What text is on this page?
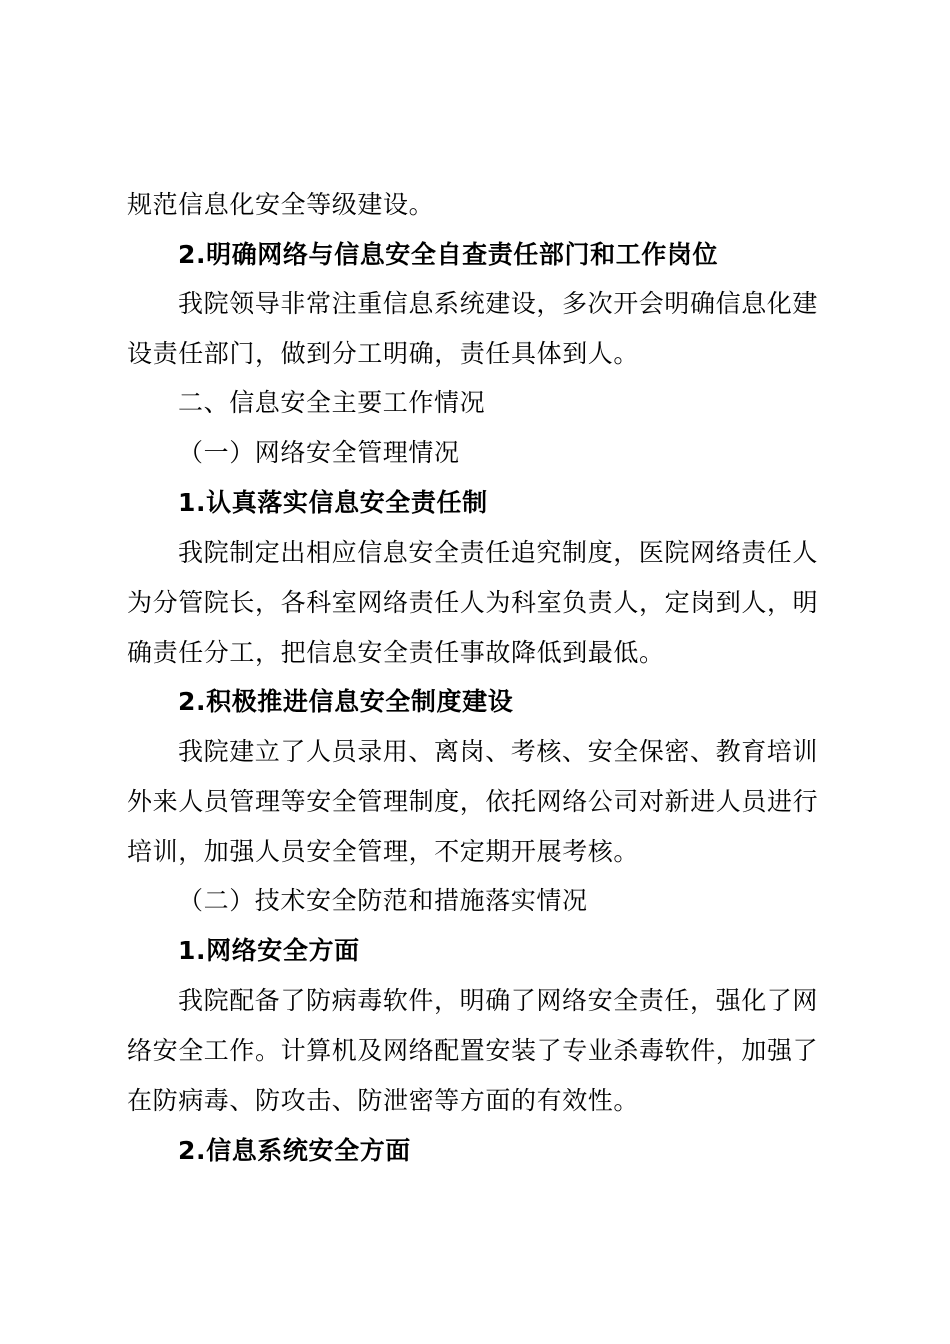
规范信息化安全等级建设。
2.明确网络与信息安全自查责任部门和工作岗位
我院领导非常注重信息系统建设，多次开会明确信息化建
设责任部门，做到分工明确，责任具体到人。
二、信息安全主要工作情况
（一）网络安全管理情况
1.认真落实信息安全责任制
我院制定出相应信息安全责任追究制度，医院网络责任人
为分管院长，各科室网络责任人为科室负责人，定岗到人，明
确责任分工，把信息安全责任事故降低到最低。
2.积极推进信息安全制度建设
我院建立了人员录用、离岗、考核、安全保密、教育培训
外来人员管理等安全管理制度，依托网络公司对新进人员进行
培训，加强人员安全管理，不定期开展考核。
（二）技术安全防范和措施落实情况
1.网络安全方面
我院配备了防病毒软件，明确了网络安全责任，强化了网
络安全工作。计算机及网络配置安装了专业杀毒软件，加强了
在防病毒、防攻击、防泄密等方面的有效性。
2.信息系统安全方面
